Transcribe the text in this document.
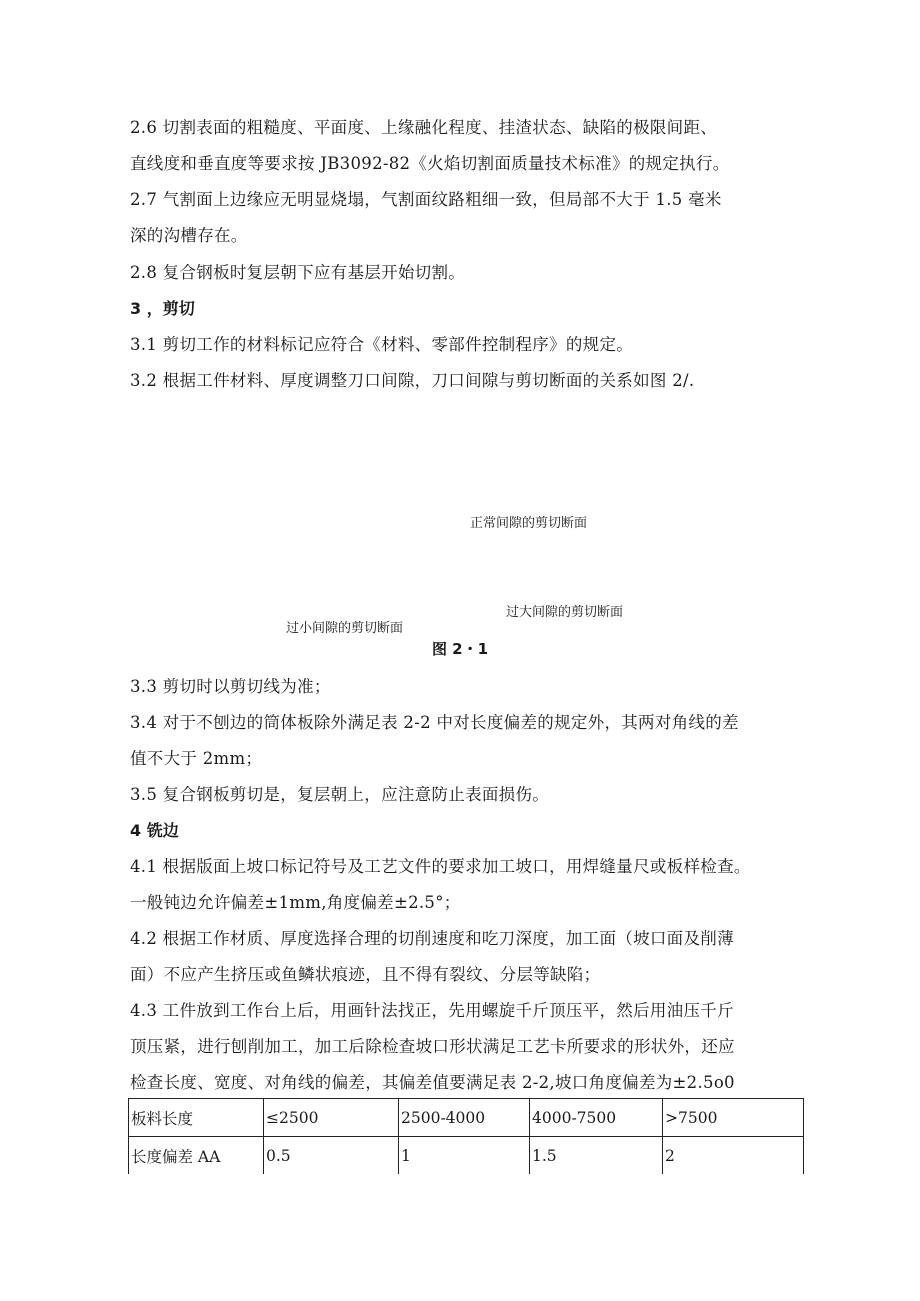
2.6 切割表面的粗糙度、平面度、上缘融化程度、挂渣状态、缺陷的极限间距、

直线度和垂直度等要求按 JB3092-82《火焰切割面质量技术标准》的规定执行。

2.7 气割面上边缘应无明显烧塌，气割面纹路粗细一致，但局部不大于 1.5 毫米

深的沟槽存在。

2.8 复合钢板时复层朝下应有基层开始切割。

3 ，剪切

3.1 剪切工作的材料标记应符合《材料、零部件控制程序》的规定。

3.2 根据工件材料、厚度调整刀口间隙，刀口间隙与剪切断面的关系如图 2/.

正常间隙的剪切断面

过大间隙的剪切断面

过小间隙的剪切断面

图 2・1

3.3 剪切时以剪切线为准；

3.4 对于不刨边的筒体板除外满足表 2-2 中对长度偏差的规定外，其两对角线的差

值不大于 2mm；

3.5 复合钢板剪切是，复层朝上，应注意防止表面损伤。

4 铣边

4.1 根据版面上坡口标记符号及工艺文件的要求加工坡口，用焊缝量尺或板样检查。

一般钝边允许偏差±1mm,角度偏差±2.5°；

4.2 根据工作材质、厚度选择合理的切削速度和吃刀深度，加工面（坡口面及削薄

面）不应产生挤压或鱼鳞状痕迹，且不得有裂纹、分层等缺陷；

4.3 工件放到工作台上后，用画针法找正，先用螺旋千斤顶压平，然后用油压千斤

顶压紧，进行刨削加工，加工后除检查坡口形状满足工艺卡所要求的形状外，还应

检查长度、宽度、对角线的偏差，其偏差值要满足表 2-2,坡口角度偏差为±2.5o0

板料长度	≤2500	2500-4000	4000-7500	>7500
长度偏差 AA	0.5	1	1.5	2
